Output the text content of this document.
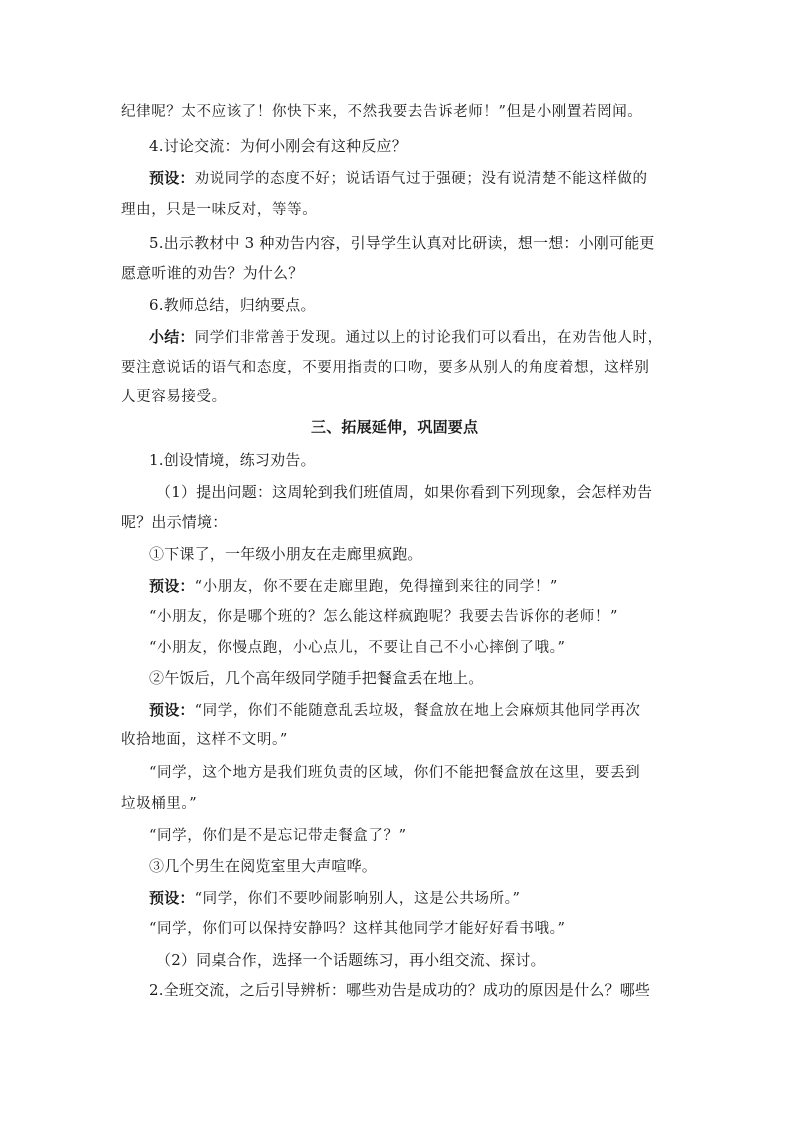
纪律呢？太不应该了！你快下来，不然我要去告诉老师！”但是小刚置若罔闻。
4.讨论交流：为何小刚会有这种反应？
预设：劝说同学的态度不好；说话语气过于强硬；没有说清楚不能这样做的
理由，只是一味反对，等等。
5.出示教材中 3 种劝告内容，引导学生认真对比研读，想一想：小刚可能更
愿意听谁的劝告？为什么？
6.教师总结，归纳要点。
小结：同学们非常善于发现。通过以上的讨论我们可以看出，在劝告他人时，
要注意说话的语气和态度，不要用指责的口吻，要多从别人的角度着想，这样别
人更容易接受。
三、拓展延伸，巩固要点
1.创设情境，练习劝告。
（1）提出问题：这周轮到我们班值周，如果你看到下列现象，会怎样劝告
呢？出示情境：
①下课了，一年级小朋友在走廊里疯跑。
预设：“小朋友，你不要在走廊里跑，免得撞到来往的同学！”
“小朋友，你是哪个班的？怎么能这样疯跑呢？我要去告诉你的老师！”
“小朋友，你慢点跑，小心点儿，不要让自己不小心摔倒了哦。”
②午饭后，几个高年级同学随手把餐盒丢在地上。
预设：“同学，你们不能随意乱丢垃圾，餐盒放在地上会麻烦其他同学再次
收拾地面，这样不文明。”
“同学，这个地方是我们班负责的区域，你们不能把餐盒放在这里，要丢到
垃圾桶里。”
“同学，你们是不是忘记带走餐盒了？”
③几个男生在阅览室里大声喧哗。
预设：“同学，你们不要吵闹影响别人，这是公共场所。”
“同学，你们可以保持安静吗？这样其他同学才能好好看书哦。”
（2）同桌合作，选择一个话题练习，再小组交流、探讨。
2.全班交流，之后引导辨析：哪些劝告是成功的？成功的原因是什么？哪些
